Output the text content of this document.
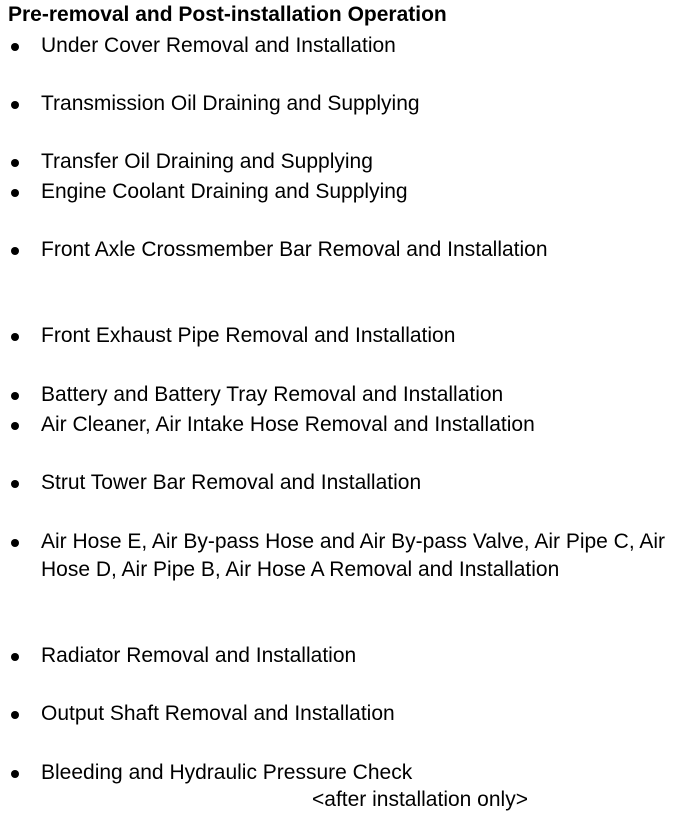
Pre-removal and Post-installation Operation
Under Cover Removal and Installation
Transmission Oil Draining and Supplying
Transfer Oil Draining and Supplying
Engine Coolant Draining and Supplying
Front Axle Crossmember Bar Removal and Installation
Front Exhaust Pipe Removal and Installation
Battery and Battery Tray Removal and Installation
Air Cleaner, Air Intake Hose Removal and Installation
Strut Tower Bar Removal and Installation
Air Hose E, Air By-pass Hose and Air By-pass Valve, Air Pipe C, Air Hose D, Air Pipe B, Air Hose A Removal and Installation
Radiator Removal and Installation
Output Shaft Removal and Installation
Bleeding and Hydraulic Pressure Check
<after installation only>
